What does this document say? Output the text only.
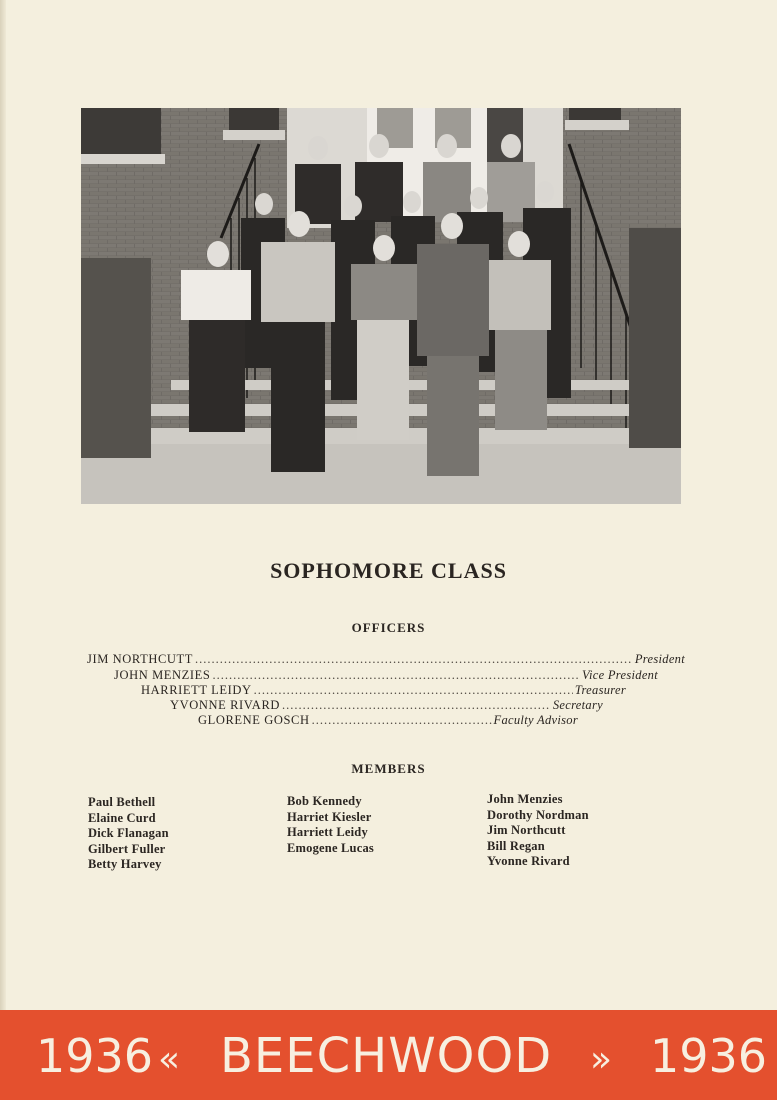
SOPHOMORE CLASS
OFFICERS
JIM NORTHCUTT .....	President
JOHN MENZIES .....	Vice President
HARRIETT LEIDY .....	Treasurer
YVONNE RIVARD .....	Secretary
GLORENE GOSCH .....	Faculty Advisor
MEMBERS
Paul Bethell
Elaine Curd
Dick Flanagan
Gilbert Fuller
Betty Harvey
Bob Kennedy
Harriet Kiesler
Harriett Leidy
Emogene Lucas
John Menzies
Dorothy Nordman
Jim Northcutt
Bill Regan
Yvonne Rivard
1936 « BEECHWOOD » 1936
